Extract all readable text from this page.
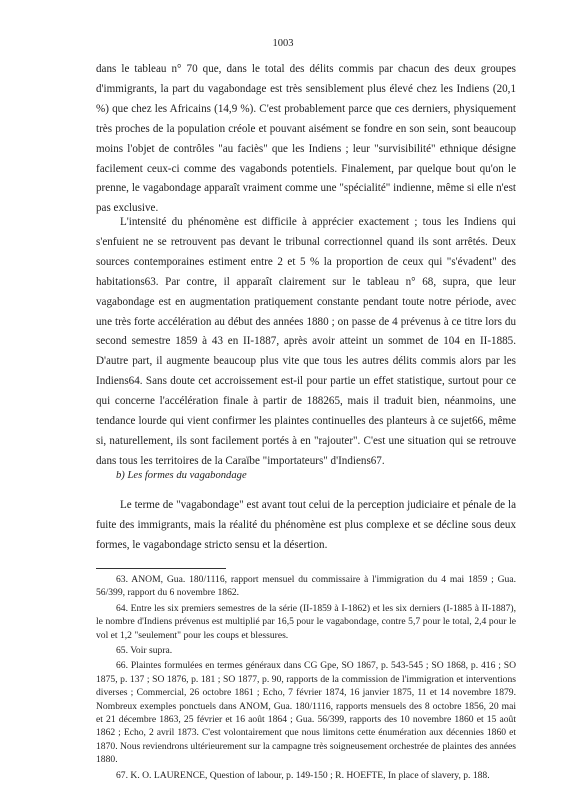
1003

dans le tableau n° 70 que, dans le total des délits commis par chacun des deux groupes d'immigrants, la part du vagabondage est très sensiblement plus élevé chez les Indiens (20,1 %) que chez les Africains (14,9 %). C'est probablement parce que ces derniers, physiquement très proches de la population créole et pouvant aisément se fondre en son sein, sont beaucoup moins l'objet de contrôles "au faciès" que les Indiens ; leur "survisibilité" ethnique désigne facilement ceux-ci comme des vagabonds potentiels. Finalement, par quelque bout qu'on le prenne, le vagabondage apparaît vraiment comme une "spécialité" indienne, même si elle n'est pas exclusive.

L'intensité du phénomène est difficile à apprécier exactement ; tous les Indiens qui s'enfuient ne se retrouvent pas devant le tribunal correctionnel quand ils sont arrêtés. Deux sources contemporaines estiment entre 2 et 5 % la proportion de ceux qui "s'évadent" des habitations63. Par contre, il apparaît clairement sur le tableau n° 68, supra, que leur vagabondage est en augmentation pratiquement constante pendant toute notre période, avec une très forte accélération au début des années 1880 ; on passe de 4 prévenus à ce titre lors du second semestre 1859 à 43 en II-1887, après avoir atteint un sommet de 104 en II-1885. D'autre part, il augmente beaucoup plus vite que tous les autres délits commis alors par les Indiens64. Sans doute cet accroissement est-il pour partie un effet statistique, surtout pour ce qui concerne l'accélération finale à partir de 188265, mais il traduit bien, néanmoins, une tendance lourde qui vient confirmer les plaintes continuelles des planteurs à ce sujet66, même si, naturellement, ils sont facilement portés à en "rajouter". C'est une situation qui se retrouve dans tous les territoires de la Caraïbe "importateurs" d'Indiens67.

b) Les formes du vagabondage

Le terme de "vagabondage" est avant tout celui de la perception judiciaire et pénale de la fuite des immigrants, mais la réalité du phénomène est plus complexe et se décline sous deux formes, le vagabondage stricto sensu et la désertion.

63. ANOM, Gua. 180/1116, rapport mensuel du commissaire à l'immigration du 4 mai 1859 ; Gua. 56/399, rapport du 6 novembre 1862.

64. Entre les six premiers semestres de la série (II-1859 à I-1862) et les six derniers (I-1885 à II-1887), le nombre d'Indiens prévenus est multiplié par 16,5 pour le vagabondage, contre 5,7 pour le total, 2,4 pour le vol et 1,2 "seulement" pour les coups et blessures.

65. Voir supra.

66. Plaintes formulées en termes généraux dans CG Gpe, SO 1867, p. 543-545 ; SO 1868, p. 416 ; SO 1875, p. 137 ; SO 1876, p. 181 ; SO 1877, p. 90, rapports de la commission de l'immigration et interventions diverses ; Commercial, 26 octobre 1861 ; Echo, 7 février 1874, 16 janvier 1875, 11 et 14 novembre 1879. Nombreux exemples ponctuels dans ANOM, Gua. 180/1116, rapports mensuels des 8 octobre 1856, 20 mai et 21 décembre 1863, 25 février et 16 août 1864 ; Gua. 56/399, rapports des 10 novembre 1860 et 15 août 1862 ; Echo, 2 avril 1873. C'est volontairement que nous limitons cette énumération aux décennies 1860 et 1870. Nous reviendrons ultérieurement sur la campagne très soigneusement orchestrée de plaintes des années 1880.

67. K. O. LAURENCE, Question of labour, p. 149-150 ; R. HOEFTE, In place of slavery, p. 188.
